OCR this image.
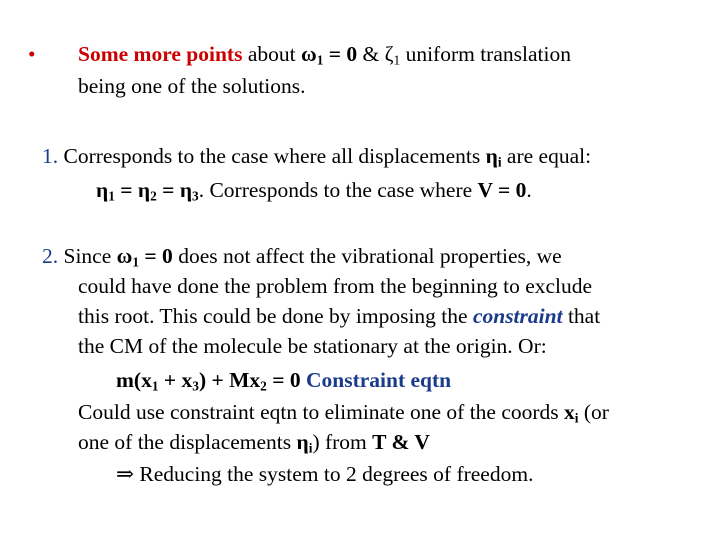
• Some more points about $\omega_1 = 0$ & $\zeta_1$ uniform translation
being one of the solutions.
1. Corresponds to the case where all displacements $\eta_i$ are equal:
$\eta_1 = \eta_2 = \eta_3$. Corresponds to the case where V = 0.
2. Since $\omega_1 = 0$ does not affect the vibrational properties, we
could have done the problem from the beginning to exclude
this root. This could be done by imposing the constraint that
the CM of the molecule be stationary at the origin. Or:
$m(x_1 + x_3) + Mx_2 = 0$ Constraint eqtn
Could use constraint eqtn to eliminate one of the coords $x_i$ (or
one of the displacements $\eta_i$) from T & V
⇒ Reducing the system to 2 degrees of freedom.
